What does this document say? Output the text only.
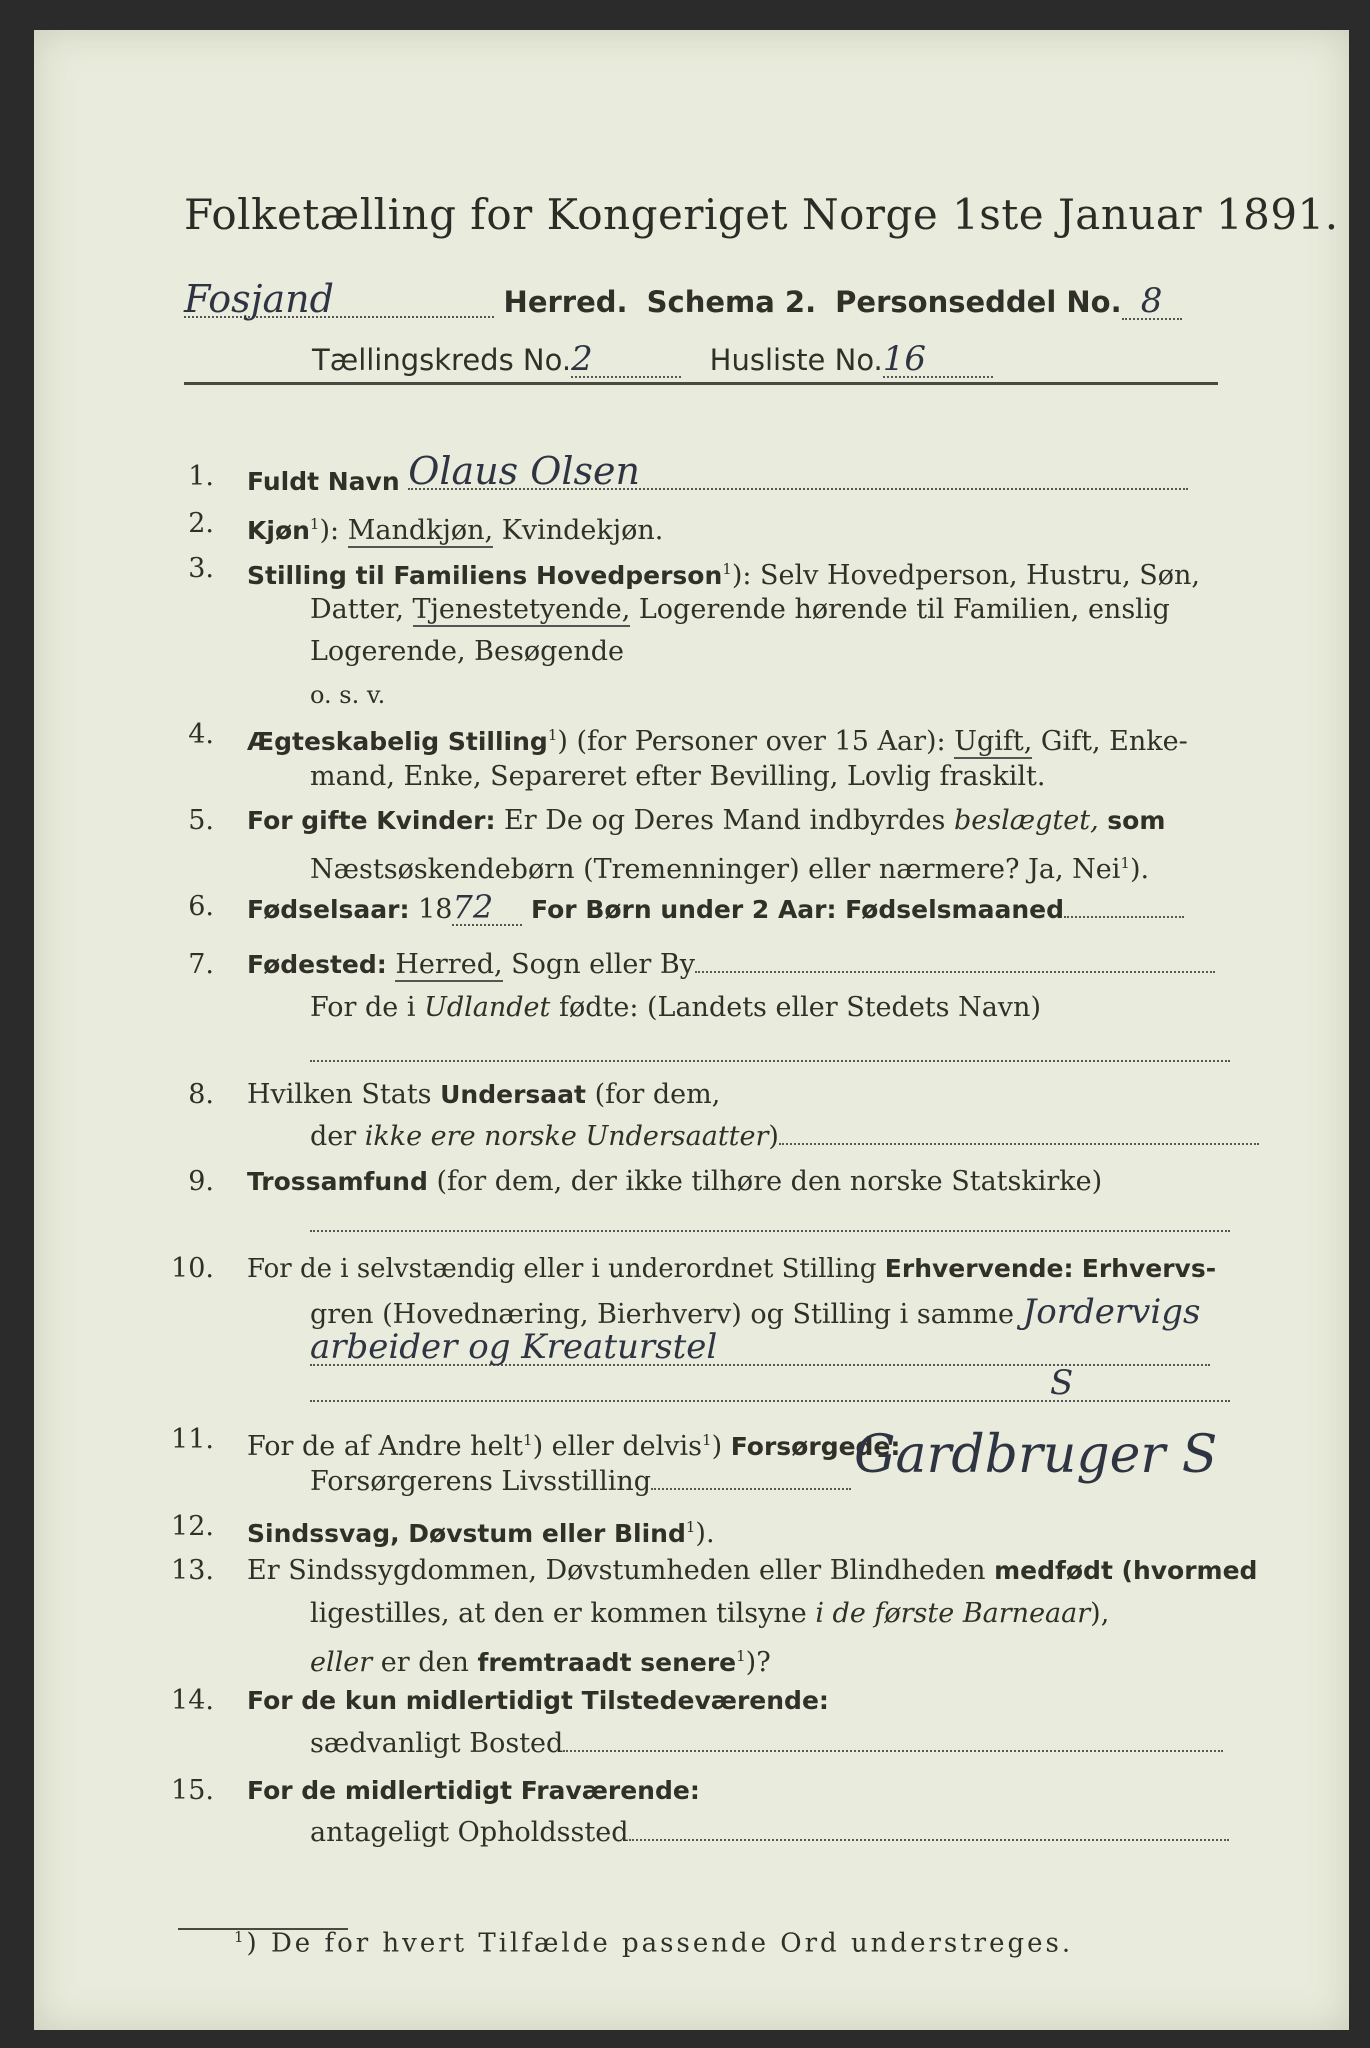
Folketælling for Kongeriget Norge 1ste Januar 1891.
Fosjand	Herred. Schema 2. Personseddel No. 8
Tællingskreds No.2	Husliste No.16
1. Fuldt Navn Olaus Olsen
2. Kjøn$^1$): Mandkjøn, Kvindekjøn.
3. Stilling til Familiens Hovedperson$^1$): Selv Hovedperson, Hustru, Søn,
Datter, Tjenestetyende, Logerende hørende til Familien, enslig
Logerende, Besøgende
o. s. v.
4. Ægteskabelig Stilling$^1$) (for Personer over 15 Aar): Ugift, Gift, Enke-
mand, Enke, Separeret efter Bevilling, Lovlig fraskilt.
5. For gifte Kvinder: Er De og Deres Mand indbyrdes beslægtet, som
Næstsøskendebørn (Tremenninger) eller nærmere? Ja, Nei$^1$).
6. Fødselsaar: 1872 For Børn under 2 Aar: Fødselsmaaned
7. Fødested: Herred, Sogn eller By
For de i Udlandet fødte: (Landets eller Stedets Navn)
8. Hvilken Stats Undersaat (for dem,
der ikke ere norske Undersaatter)
9. Trossamfund (for dem, der ikke tilhøre den norske Statskirke)
10. For de i selvstændig eller i underordnet Stilling Erhvervende: Erhvervs-
gren (Hovednæring, Bierhverv) og Stilling i samme Jordervigs
arbeider og Kreaturstel
S
11. For de af Andre helt$^1$) eller delvis$^1$) Forsørgede:
Forsørgerens Livsstilling	Gardbruger S
12. Sindssvag, Døvstum eller Blind$^1$).
13. Er Sindssygdommen, Døvstumheden eller Blindheden medfødt (hvormed
ligestilles, at den er kommen tilsyne i de første Barneaar),
eller er den fremtraadt senere$^1$)?
14. For de kun midlertidigt Tilstedeværende:
sædvanligt Bosted
15. For de midlertidigt Fraværende:
antageligt Opholdssted
$^1$) De for hvert Tilfælde passende Ord understreges.
